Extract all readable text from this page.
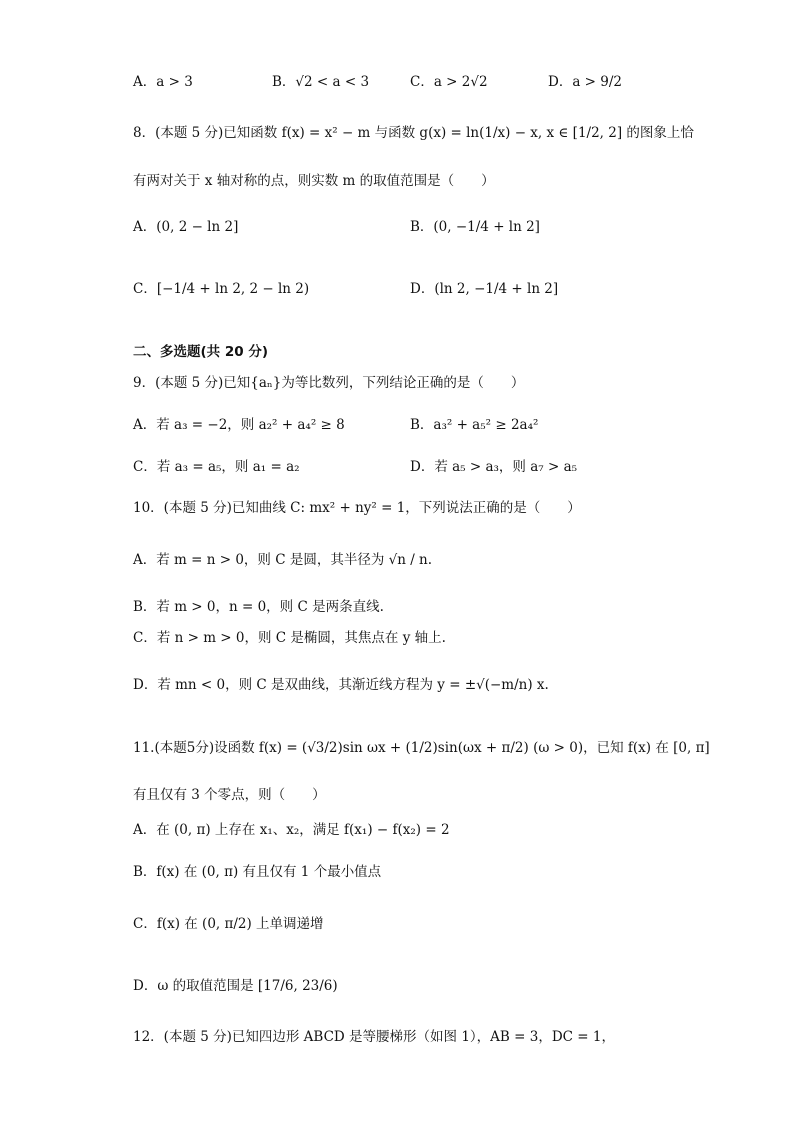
A．a > 3	B．√2 < a < 3	C．a > 2√2	D．a > 9/2
8．(本题 5 分)已知函数 f(x) = x² − m 与函数 g(x) = ln(1/x) − x, x ∈ [1/2, 2] 的图象上恰
有两对关于 x 轴对称的点，则实数 m 的取值范围是（　　）
A．(0, 2 − ln 2]	B．(0, −1/4 + ln 2]
C．[−1/4 + ln 2, 2 − ln 2)	D．(ln 2, −1/4 + ln 2]
二、多选题(共 20 分)
9．(本题 5 分)已知{aₙ}为等比数列，下列结论正确的是（　　）
A．若 a₃ = −2，则 a₂² + a₄² ≥ 8	B．a₃² + a₅² ≥ 2a₄²
C．若 a₃ = a₅，则 a₁ = a₂	D．若 a₅ > a₃，则 a₇ > a₅
10．(本题 5 分)已知曲线 C: mx² + ny² = 1，下列说法正确的是（　　）
A．若 m = n > 0，则 C 是圆，其半径为 √n / n.
B．若 m > 0，n = 0，则 C 是两条直线.
C．若 n > m > 0，则 C 是椭圆，其焦点在 y 轴上.
D．若 mn < 0，则 C 是双曲线，其渐近线方程为 y = ±√(−m/n) x.
11.(本题5分)设函数 f(x) = (√3/2)sin ωx + (1/2)sin(ωx + π/2) (ω > 0)，已知 f(x) 在 [0, π]
有且仅有 3 个零点，则（　　）
A．在 (0, π) 上存在 x₁、x₂，满足 f(x₁) − f(x₂) = 2
B．f(x) 在 (0, π) 有且仅有 1 个最小值点
C．f(x) 在 (0, π/2) 上单调递增
D．ω 的取值范围是 [17/6, 23/6)
12．(本题 5 分)已知四边形 ABCD 是等腰梯形（如图 1），AB = 3，DC = 1，
